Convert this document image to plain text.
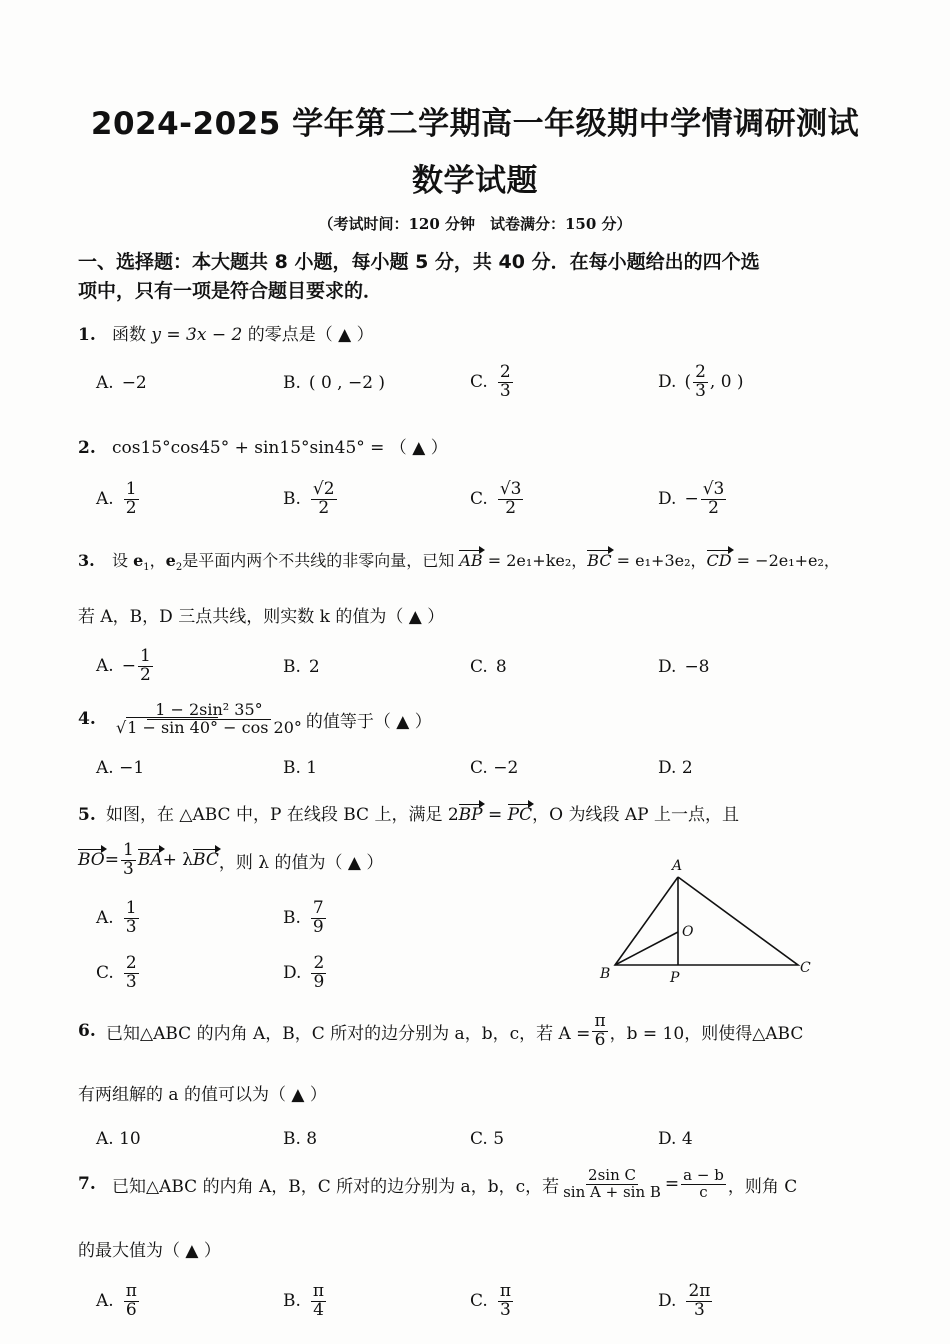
2024-2025 学年第二学期高一年级期中学情调研测试
数学试题
（考试时间：120 分钟　试卷满分：150 分）
一、选择题：本大题共 8 小题，每小题 5 分，共 40 分．在每小题给出的四个选
项中，只有一项是符合题目要求的．
1. 函数 y = 3x − 2 的零点是（ ▲ ）
A. −2	B. ( 0 , −2 )	C. $\frac{2}{3}$	D. ( $\frac{2}{3}$ , 0 )
2. cos15°cos45° + sin15°sin45° = （ ▲ ）
A. $\frac{1}{2}$	B. $\frac{√2}{2}$	C. $\frac{√3}{2}$	D. − $\frac{√3}{2}$
3. 设 $e_1$，$e_2$是平面内两个不共线的非零向量，已知 AB = 2e₁+ke₂，BC = e₁+3e₂，CD = −2e₁+e₂，
若 A，B，D 三点共线，则实数 k 的值为（ ▲ ）
A. − $\frac{1}{2}$	B. 2	C. 8	D. −8
4.	$\frac{\text{1 − 2sin² 35°}}{√1 - \sin 40^\circ - \cos 20^\circ}$ 的值等于（ ▲ ）
A. −1	B. 1	C. −2	D. 2
5. 如图，在 △ABC 中，P 在线段 BC 上，满足 2BP = PC，O 为线段 AP 上一点，且
BO = $\frac{1}{3}$ BA + λ BC ，则 λ 的值为（ ▲ ）
A. $\frac{1}{3}$	B. $\frac{7}{9}$
C. $\frac{2}{3}$	D. $\frac{2}{9}$
A
O
B	P
C
6. 已知△ABC 的内角 A，B，C 所对的边分别为 a，b，c，若 $A = \frac{\pi}{6}$ ，b = 10，则使得△ABC
有两组解的 a 的值可以为（ ▲ ）
A. 10	B. 8	C. 5	D. 4
7. 已知△ABC 的内角 A，B，C 所对的边分别为 a，b，c，若 $\frac{\text{2sin C}}{\text{sin A + sin B}} = \frac{a - b}{c}$ ，则角 C
的最大值为（ ▲ ）
A. $\frac{\pi}{6}$	B. $\frac{\pi}{4}$	C. $\frac{\pi}{3}$	D. $\frac{2\pi}{3}$
